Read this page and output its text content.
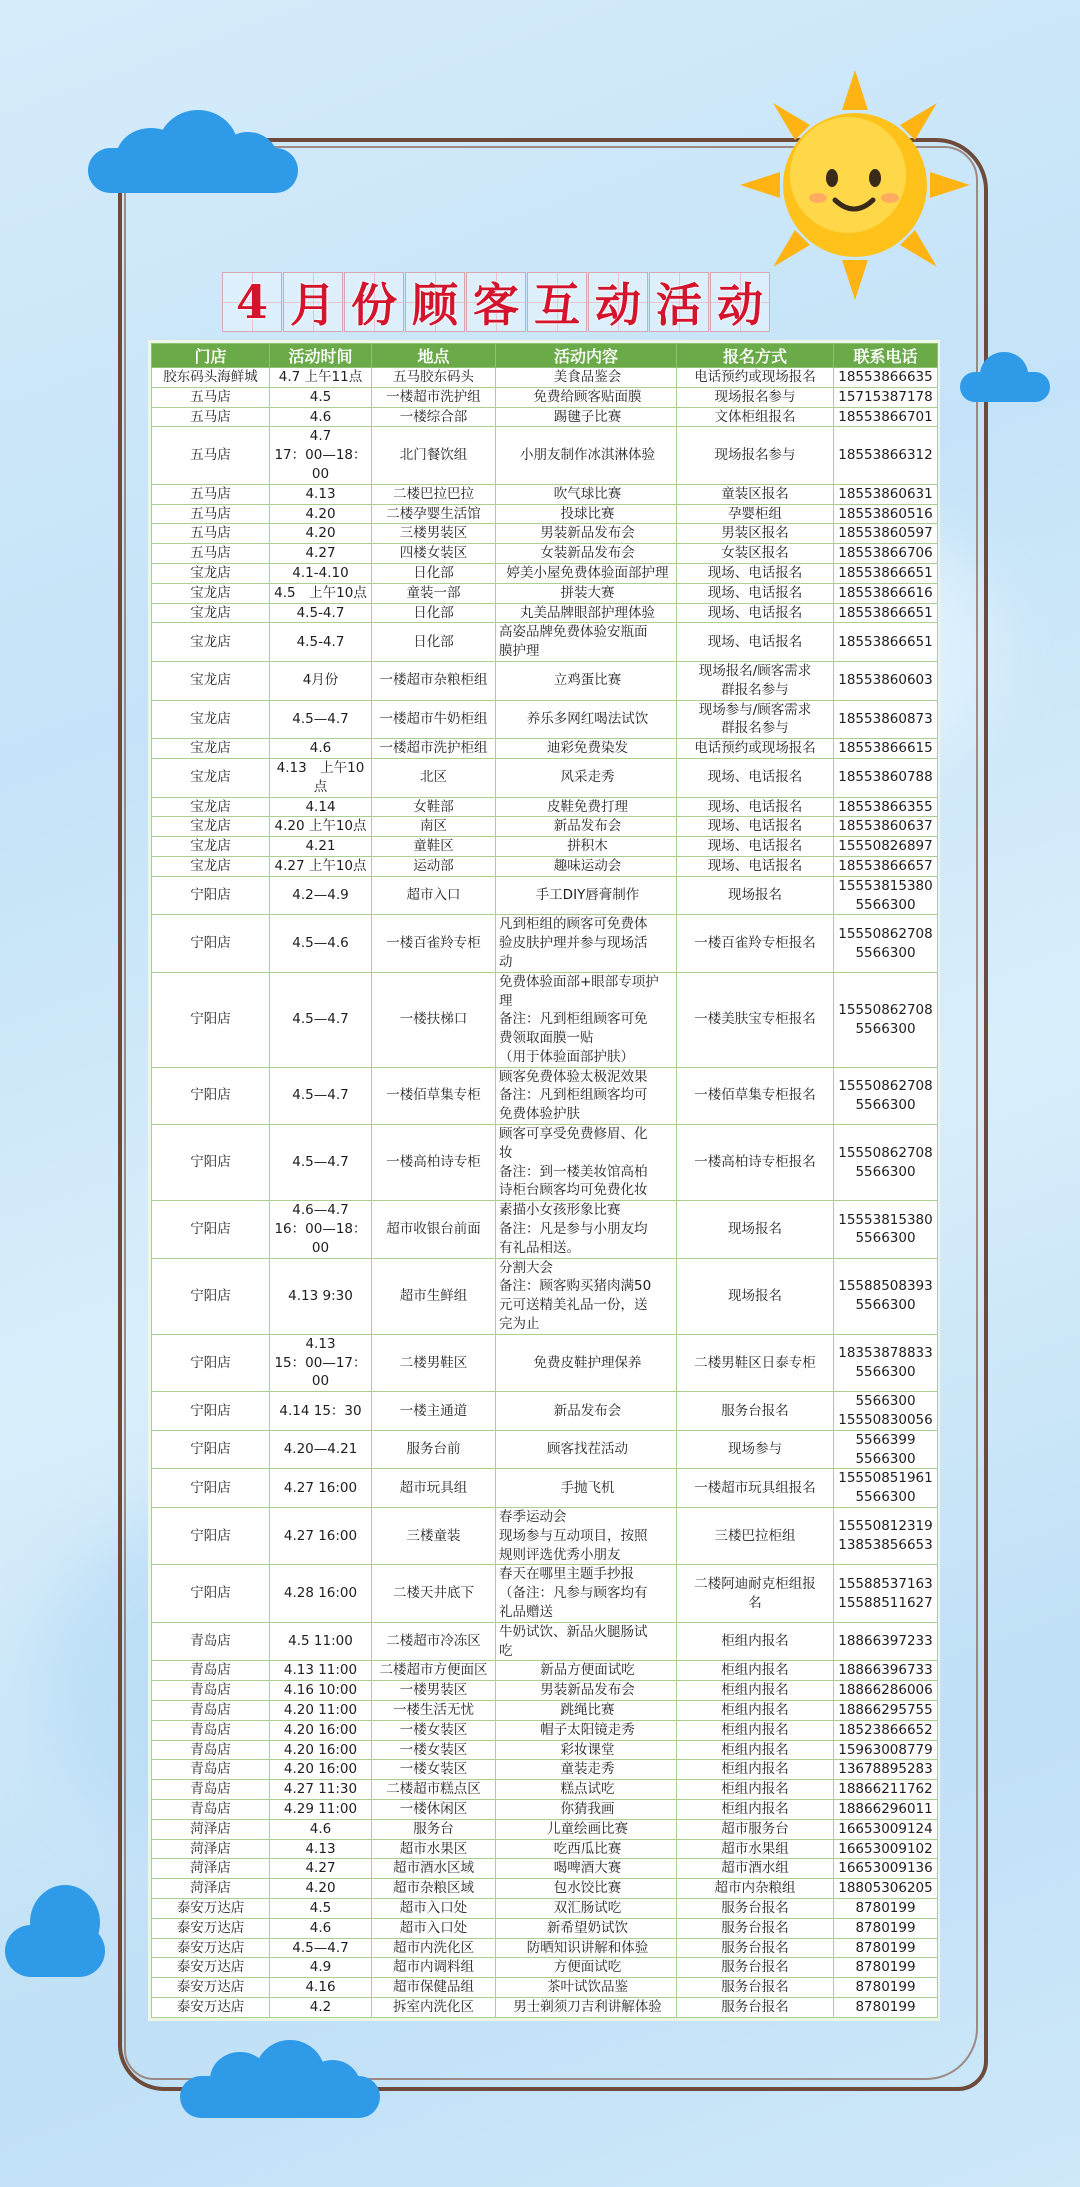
4 月 份 顾 客 互 动 活 动
门店	活动时间	地点	活动内容	报名方式	联系电话
胶东码头海鲜城	4.7 上午11点	五马胶东码头	美食品鉴会	电话预约或现场报名	18553866635
五马店	4.5	一楼超市洗护组	免费给顾客贴面膜	现场报名参与	15715387178
五马店	4.6	一楼综合部	踢毽子比赛	文体柜组报名	18553866701
五马店	4.7
17：00—18：
00	北门餐饮组	小朋友制作冰淇淋体验	现场报名参与	18553866312
五马店	4.13	二楼巴拉巴拉	吹气球比赛	童装区报名	18553860631
五马店	4.20	二楼孕婴生活馆	投球比赛	孕婴柜组	18553860516
五马店	4.20	三楼男装区	男装新品发布会	男装区报名	18553860597
五马店	4.27	四楼女装区	女装新品发布会	女装区报名	18553866706
宝龙店	4.1-4.10	日化部	婷美小屋免费体验面部护理	现场、电话报名	18553866651
宝龙店	4.5　上午10点	童装一部	拼装大赛	现场、电话报名	18553866616
宝龙店	4.5-4.7	日化部	丸美品牌眼部护理体验	现场、电话报名	18553866651
宝龙店	4.5-4.7	日化部	高姿品牌免费体验安瓶面
膜护理	现场、电话报名	18553866651
宝龙店	4月份	一楼超市杂粮柜组	立鸡蛋比赛	现场报名/顾客需求
群报名参与	18553860603
宝龙店	4.5—4.7	一楼超市牛奶柜组	养乐多网红喝法试饮	现场参与/顾客需求
群报名参与	18553860873
宝龙店	4.6	一楼超市洗护柜组	迪彩免费染发	电话预约或现场报名	18553866615
宝龙店	4.13　上午10点	北区	风采走秀	现场、电话报名	18553860788
宝龙店	4.14	女鞋部	皮鞋免费打理	现场、电话报名	18553866355
宝龙店	4.20 上午10点	南区	新品发布会	现场、电话报名	18553860637
宝龙店	4.21	童鞋区	拼积木	现场、电话报名	15550826897
宝龙店	4.27 上午10点	运动部	趣味运动会	现场、电话报名	18553866657
宁阳店	4.2—4.9	超市入口	手工DIY唇膏制作	现场报名	15553815380
5566300
宁阳店	4.5—4.6	一楼百雀羚专柜	凡到柜组的顾客可免费体
验皮肤护理并参与现场活
动	一楼百雀羚专柜报名	15550862708
5566300
宁阳店	4.5—4.7	一楼扶梯口	免费体验面部+眼部专项护
理
备注：凡到柜组顾客可免
费领取面膜一贴
（用于体验面部护肤）	一楼美肤宝专柜报名	15550862708
5566300
宁阳店	4.5—4.7	一楼佰草集专柜	顾客免费体验太极泥效果
备注：凡到柜组顾客均可
免费体验护肤	一楼佰草集专柜报名	15550862708
5566300
宁阳店	4.5—4.7	一楼高柏诗专柜	顾客可享受免费修眉、化
妆
备注：到一楼美妆馆高柏
诗柜台顾客均可免费化妆	一楼高柏诗专柜报名	15550862708
5566300
宁阳店	4.6—4.7
16：00—18：
00	超市收银台前面	素描小女孩形象比赛
备注：凡是参与小朋友均
有礼品相送。	现场报名	15553815380
5566300
宁阳店	4.13 9:30	超市生鲜组	分割大会
备注：顾客购买猪肉满50
元可送精美礼品一份，送
完为止	现场报名	15588508393
5566300
宁阳店	4.13
15：00—17：
00	二楼男鞋区	免费皮鞋护理保养	二楼男鞋区日泰专柜	18353878833
5566300
宁阳店	4.14 15：30	一楼主通道	新品发布会	服务台报名	5566300
15550830056
宁阳店	4.20—4.21	服务台前	顾客找茬活动	现场参与	5566399
5566300
宁阳店	4.27 16:00	超市玩具组	手抛飞机	一楼超市玩具组报名	15550851961
5566300
宁阳店	4.27 16:00	三楼童装	春季运动会
现场参与互动项目，按照
规则评选优秀小朋友	三楼巴拉柜组	15550812319
13853856653
宁阳店	4.28 16:00	二楼天井底下	春天在哪里主题手抄报
（备注：凡参与顾客均有
礼品赠送	二楼阿迪耐克柜组报
名	15588537163
15588511627
青岛店	4.5 11:00	二楼超市冷冻区	牛奶试饮、新品火腿肠试
吃	柜组内报名	18866397233
青岛店	4.13 11:00	二楼超市方便面区	新品方便面试吃	柜组内报名	18866396733
青岛店	4.16 10:00	一楼男装区	男装新品发布会	柜组内报名	18866286006
青岛店	4.20 11:00	一楼生活无忧	跳绳比赛	柜组内报名	18866295755
青岛店	4.20 16:00	一楼女装区	帽子太阳镜走秀	柜组内报名	18523866652
青岛店	4.20 16:00	一楼女装区	彩妆课堂	柜组内报名	15963008779
青岛店	4.20 16:00	一楼女装区	童装走秀	柜组内报名	13678895283
青岛店	4.27 11:30	二楼超市糕点区	糕点试吃	柜组内报名	18866211762
青岛店	4.29 11:00	一楼休闲区	你猜我画	柜组内报名	18866296011
菏泽店	4.6	服务台	儿童绘画比赛	超市服务台	16653009124
菏泽店	4.13	超市水果区	吃西瓜比赛	超市水果组	16653009102
菏泽店	4.27	超市酒水区域	喝啤酒大赛	超市酒水组	16653009136
菏泽店	4.20	超市杂粮区域	包水饺比赛	超市内杂粮组	18805306205
泰安万达店	4.5	超市入口处	双汇肠试吃	服务台报名	8780199
泰安万达店	4.6	超市入口处	新希望奶试饮	服务台报名	8780199
泰安万达店	4.5—4.7	超市内洗化区	防晒知识讲解和体验	服务台报名	8780199
泰安万达店	4.9	超市内调料组	方便面试吃	服务台报名	8780199
泰安万达店	4.16	超市保健品组	茶叶试饮品鉴	服务台报名	8780199
泰安万达店	4.2	拆室内洗化区	男士剃须刀吉利讲解体验	服务台报名	8780199
